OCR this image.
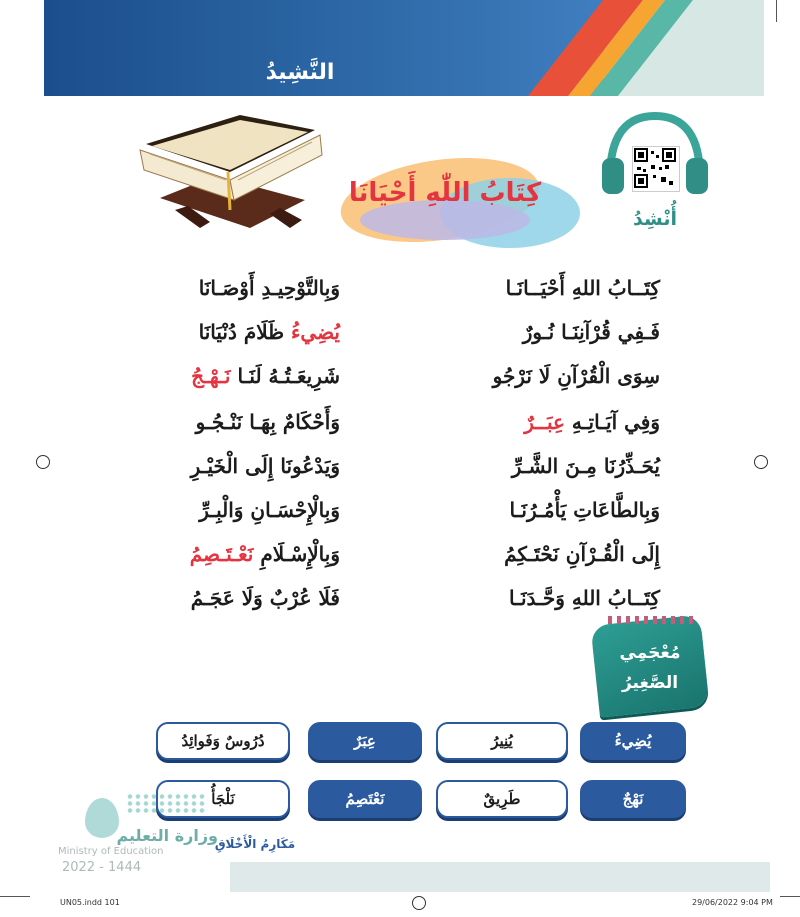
النَّشِيدُ
أُنْشِدُ
كِتَابُ اللّٰهِ أَحْيَانَا
كِتَــابُ اللهِ أَحْيَــانَـا
وَبِالتَّوْحِيـدِ أَوْصَـانَا
فَـفِي قُرْآنِنَـا نُـورٌ
يُضِيءُ ظَلَامَ دُنْيَانَا
سِوَى الْقُرْآنِ لَا نَرْجُو
شَرِيعَـتُـهُ لَنَـا نَـهْـجُ
وَفِي آيَـاتِـهِ عِبَــرٌ
وَأَحْكَامٌ بِهَـا نَنْـجُـو
يُحَـذِّرُنَا مِـنَ الشَّـرِّ
وَيَدْعُونَا إِلَى الْخَيْـرِ
وَبِالطَّاعَاتِ يَأْمُـرُنَـا
وَبِالْإِحْسَـانِ وَالْبِـرِّ
إِلَى الْقُـرْآنِ نَحْتَـكِمُ
وَبِالْإِسْـلَامِ نَعْـتَـصِمُ
كِتَــابُ اللهِ وَحَّـدَنَـا
فَلَا عُرْبٌ وَلَا عَجَـمُ
مُعْجَمِي
الصَّغِيرُ
يُضِيءُ
يُنِيرُ
عِبَرٌ
دُرُوسٌ وَفَوائِدُ
نَهْجٌ
طَرِيقٌ
نَعْتَصِمُ
نَلْجَأُ
وزارة التعليم
Ministry of Education
2022 - 1444
مَكَارِمُ الْأَخْلَاقِ
UN05.indd 101	29/06/2022 9:04 PM
